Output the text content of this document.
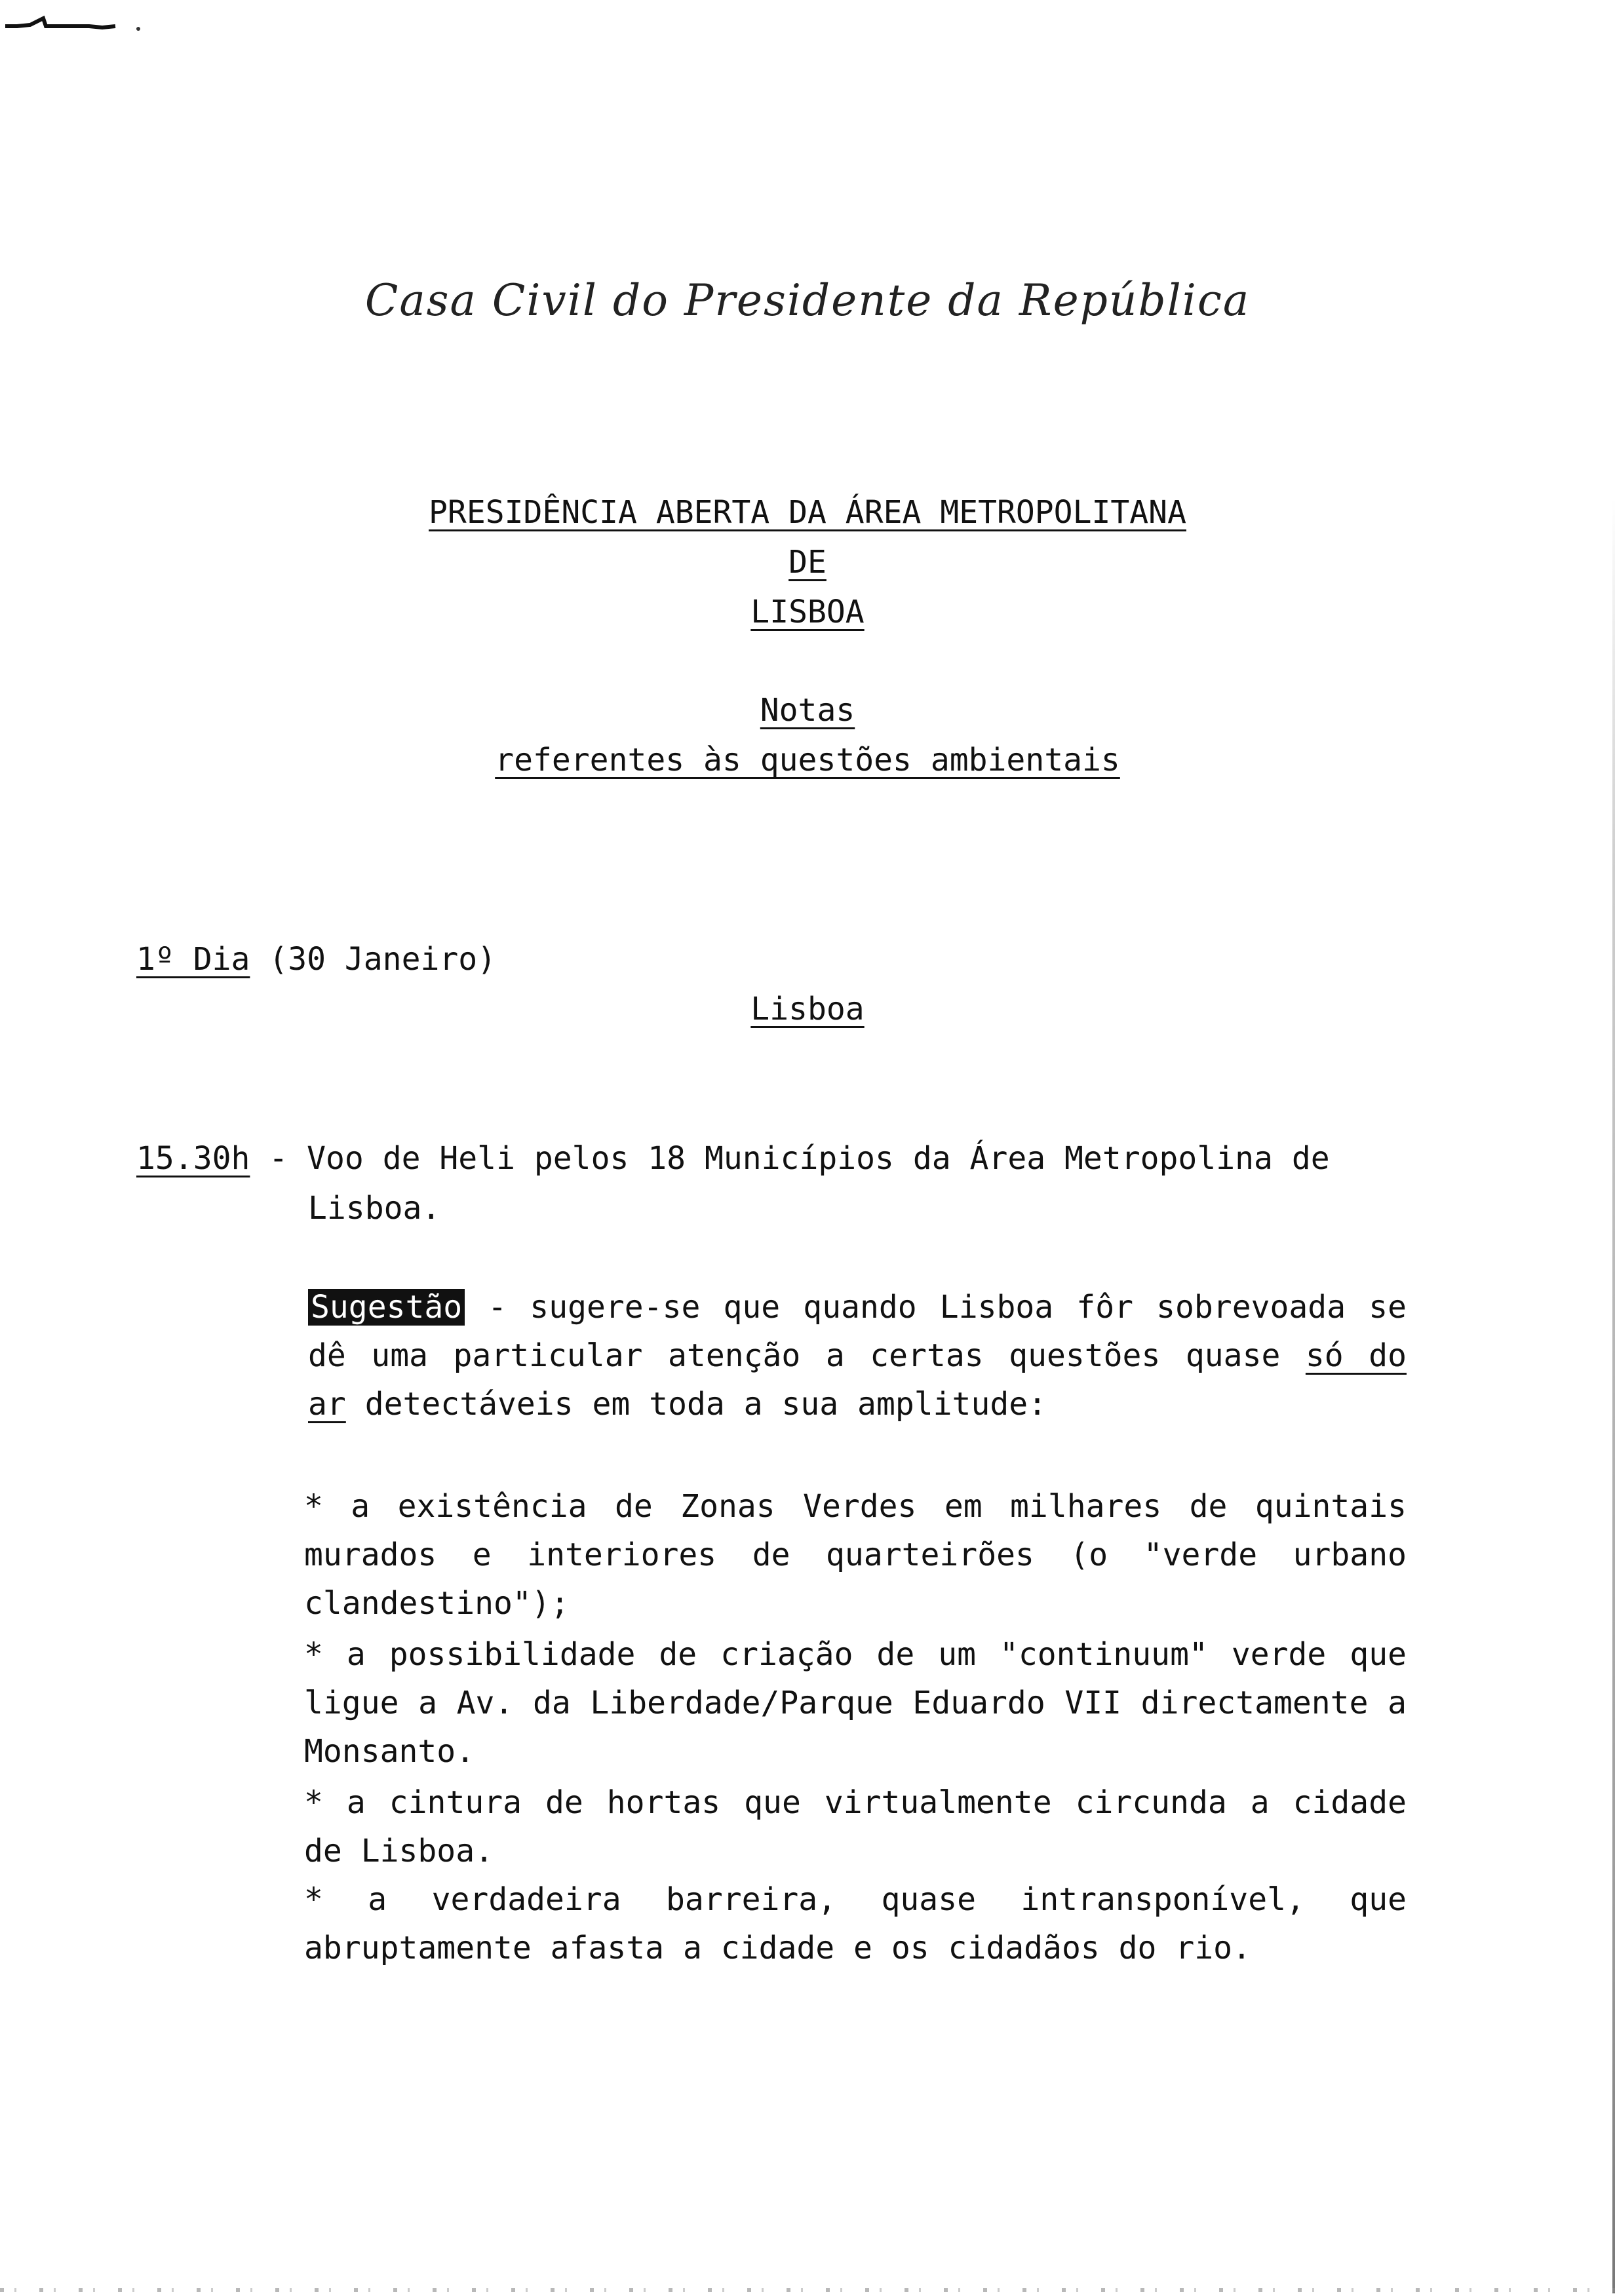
Casa Civil do Presidente da República
PRESIDÊNCIA ABERTA DA ÁREA METROPOLITANA
DE
LISBOA
Notas
referentes às questões ambientais
1º Dia (30 Janeiro)
Lisboa
15.30h - Voo de Heli pelos 18 Municípios da Área Metropolina de
Lisboa.
Sugestão - sugere-se que quando Lisboa fôr sobrevoada se dê uma particular atenção a certas questões quase só do ar detectáveis em toda a sua amplitude:
* a existência de Zonas Verdes em milhares de quintais murados e interiores de quarteirões (o "verde urbano clandestino");
* a possibilidade de criação de um "continuum" verde que ligue a Av. da Liberdade/Parque Eduardo VII directamente a Monsanto.
* a cintura de hortas que virtualmente circunda a cidade de Lisboa.
* a verdadeira barreira, quase intransponível, que abruptamente afasta a cidade e os cidadãos do rio.
